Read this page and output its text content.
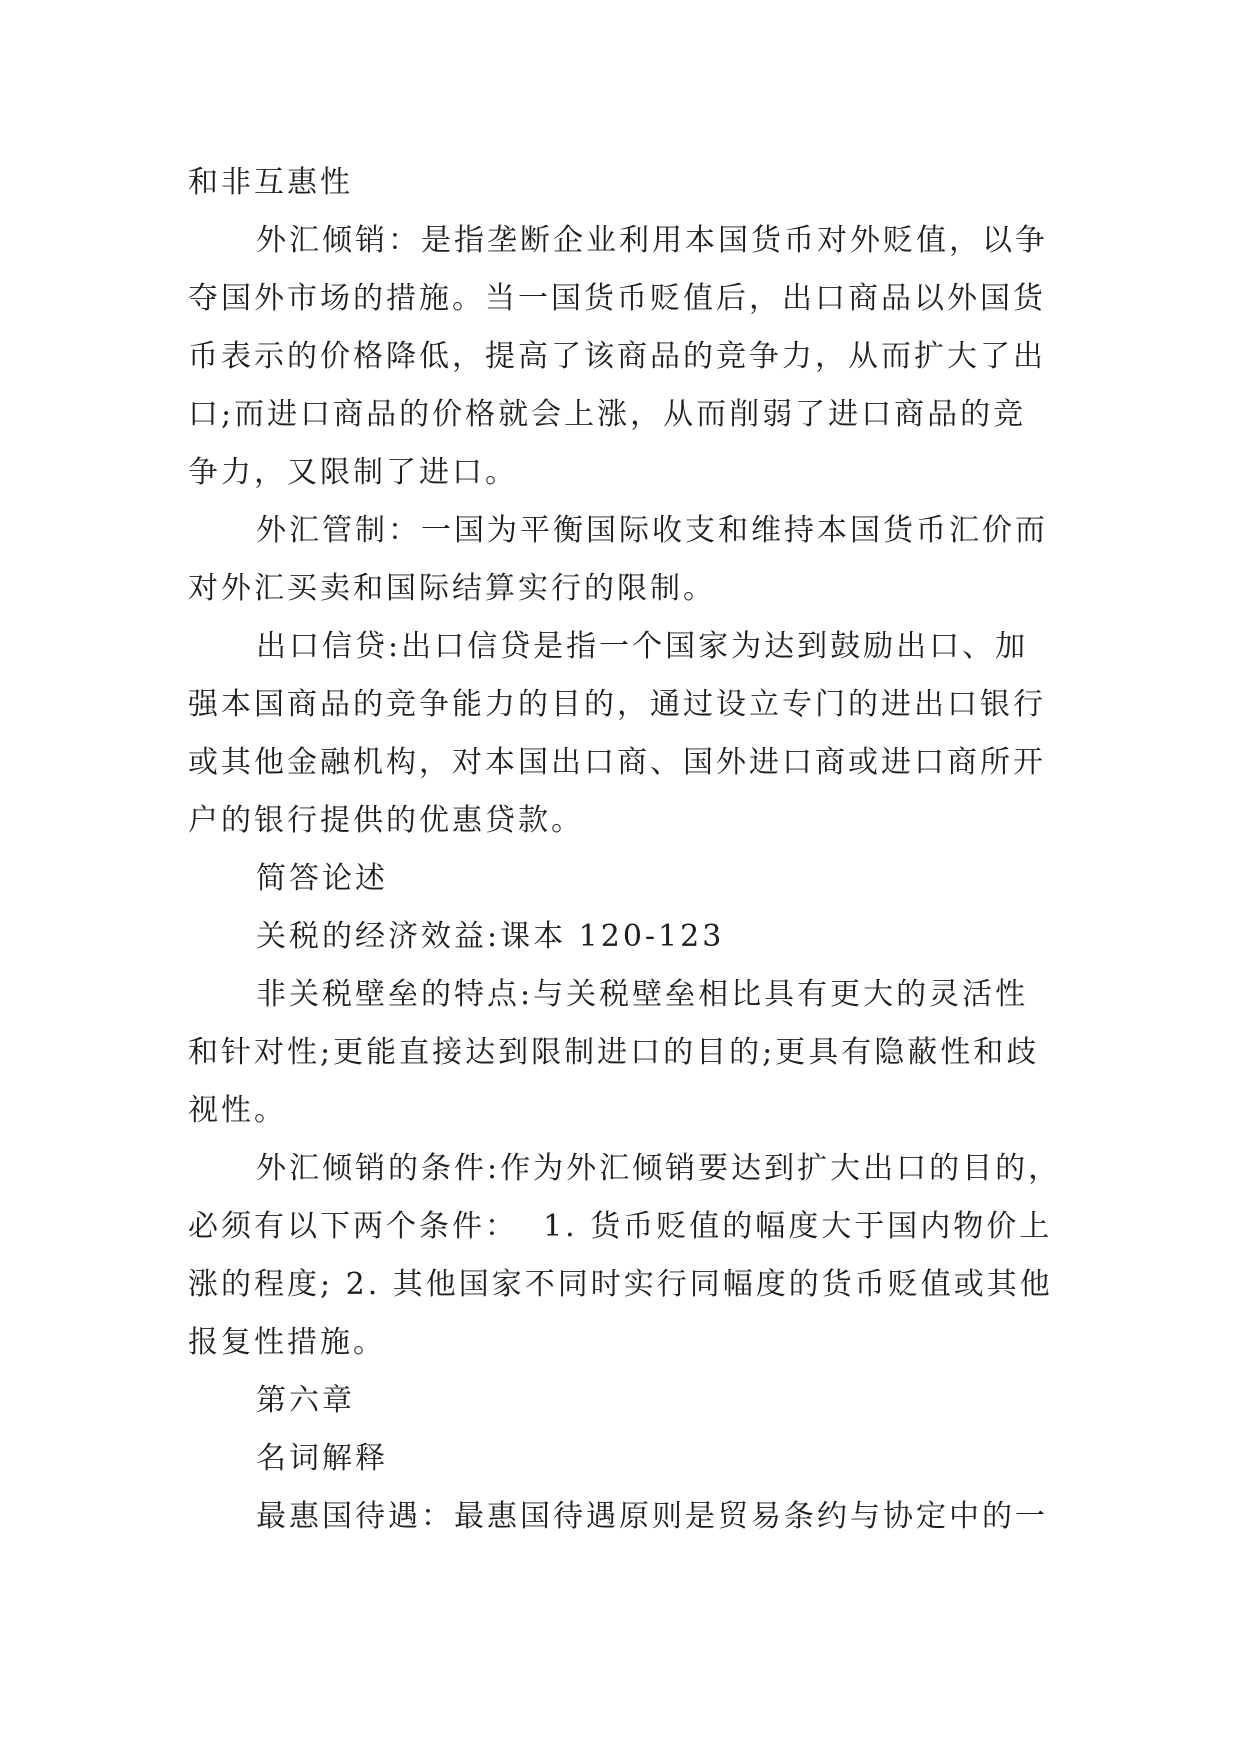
和非互惠性
外汇倾销：是指垄断企业利用本国货币对外贬值，以争
夺国外市场的措施。当一国货币贬值后，出口商品以外国货
币表示的价格降低，提高了该商品的竞争力，从而扩大了出
口;而进口商品的价格就会上涨，从而削弱了进口商品的竞
争力，又限制了进口。
外汇管制：一国为平衡国际收支和维持本国货币汇价而
对外汇买卖和国际结算实行的限制。
出口信贷:出口信贷是指一个国家为达到鼓励出口、加
强本国商品的竞争能力的目的，通过设立专门的进出口银行
或其他金融机构，对本国出口商、国外进口商或进口商所开
户的银行提供的优惠贷款。
简答论述
关税的经济效益:课本 120-123
非关税壁垒的特点:与关税壁垒相比具有更大的灵活性
和针对性;更能直接达到限制进口的目的;更具有隐蔽性和歧
视性。
外汇倾销的条件:作为外汇倾销要达到扩大出口的目的，
必须有以下两个条件：  1. 货币贬值的幅度大于国内物价上
涨的程度; 2. 其他国家不同时实行同幅度的货币贬值或其他
报复性措施。
第六章
名词解释
最惠国待遇：最惠国待遇原则是贸易条约与协定中的一
